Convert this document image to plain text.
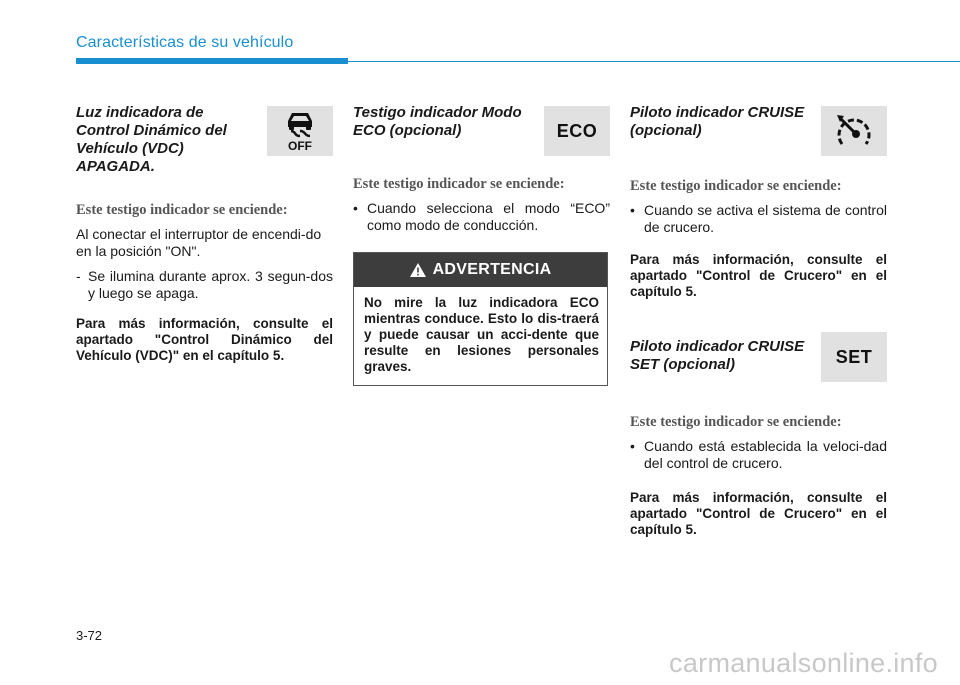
Características de su vehículo
Luz indicadora de Control Dinámico del Vehículo (VDC) APAGADA.
OFF
Este testigo indicador se enciende:
Al conectar el interruptor de encendi-do en la posición "ON".
- Se ilumina durante aprox. 3 segun-dos y luego se apaga.
Para más información, consulte el apartado "Control Dinámico del Vehículo (VDC)" en el capítulo 5.
Testigo indicador Modo ECO (opcional)	ECO
Este testigo indicador se enciende:
• Cuando selecciona el modo “ECO” como modo de conducción.
ADVERTENCIA
No mire la luz indicadora ECO mientras conduce. Esto lo dis-traerá y puede causar un acci-dente que resulte en lesiones personales graves.
Piloto indicador CRUISE (opcional)
Este testigo indicador se enciende:
• Cuando se activa el sistema de control de crucero.
Para más información, consulte el apartado "Control de Crucero" en el capítulo 5.
Piloto indicador CRUISE SET (opcional)	SET
Este testigo indicador se enciende:
• Cuando está establecida la veloci-dad del control de crucero.
Para más información, consulte el apartado "Control de Crucero" en el capítulo 5.
3-72
carmanualsonline.info
